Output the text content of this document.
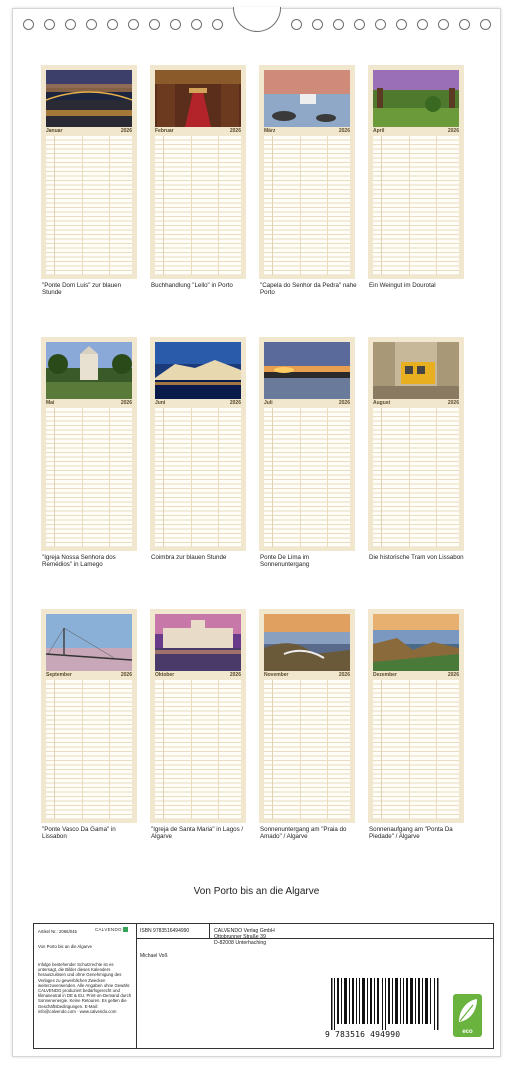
Januar	2026	Februar	2026	März	2026	April	2026
"Ponte Dom Luis" zur blauen Stunde
Buchhandlung "Lello" in Porto	"Capela do Senhor da Pedra" nahe Porto
Ein Weingut im Dourotal
Mai	2026	Juni	2026	Juli	2026	August	2026
"Igreja Nossa Senhora dos Remédios" in Lamego
Coimbra zur blauen Stunde	Ponte De Lima im Sonnenuntergang
Die historische Tram von Lissabon
September	2026	Oktober	2026	November	2026	Dezember	2026
"Ponte Vasco Da Gama" in Lissabon
"Igreja de Santa Maria" in Lagos / Algarve
Sonnenuntergang am "Praia do Amado" / Algarve
Sonnenaufgang am "Ponta Da Piedade" / Algarve
Von Porto bis an die Algarve
Artikel Nr.: 2066/045	CALVENDO
Von Porto bis an die Algarve
Infolge bestehender Schutzrechte ist es untersagt, die Bilder dieses Kalenders herauszulösen und ohne Genehmigung des Verlages zu gewerblichen Zwecken weiterzuverwenden. Alle Angaben ohne Gewähr. CALVENDO produziert bedarfsgerecht und klimaneutral in DE & EU. Print-on-Demand durch Sonnenenergie. Keine Retouren. Es gelten die Geschäftsbedingungen. E-Mail: info@calvendo.com · www.calvendo.com
ISBN 9783516494990
Michael Voß
CALVENDO Verlag GmbH
Ottobrunner Straße 39
D-82008 Unterhaching
9 783516 494990	eco
